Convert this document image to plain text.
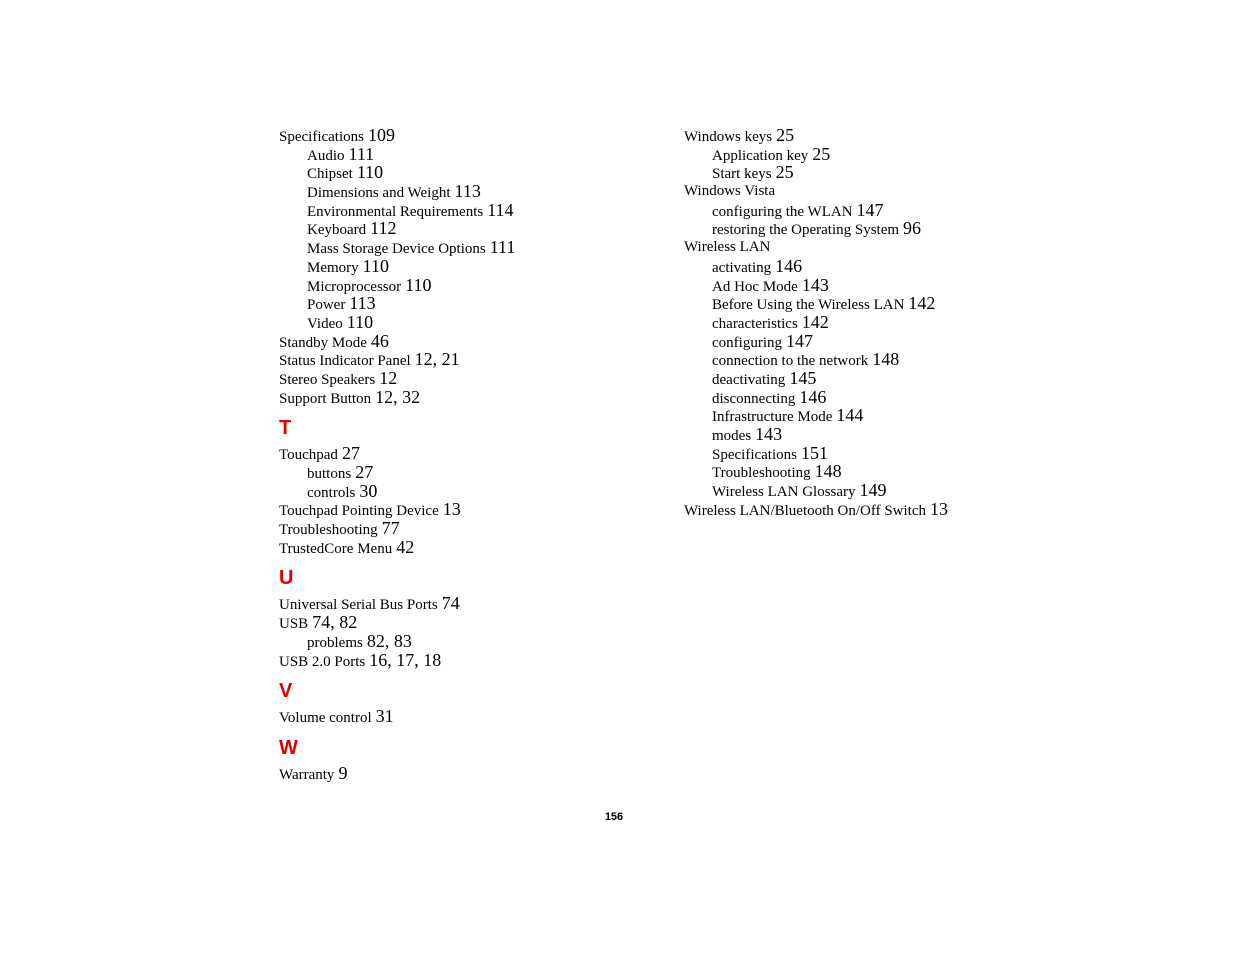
Specifications 109
Audio 111
Chipset 110
Dimensions and Weight 113
Environmental Requirements 114
Keyboard 112
Mass Storage Device Options 111
Memory 110
Microprocessor 110
Power 113
Video 110
Standby Mode 46
Status Indicator Panel 12, 21
Stereo Speakers 12
Support Button 12, 32
T
Touchpad 27
buttons 27
controls 30
Touchpad Pointing Device 13
Troubleshooting 77
TrustedCore Menu 42
U
Universal Serial Bus Ports 74
USB 74, 82
problems 82, 83
USB 2.0 Ports 16, 17, 18
V
Volume control 31
W
Warranty 9
Windows keys 25
Application key 25
Start keys 25
Windows Vista
configuring the WLAN 147
restoring the Operating System 96
Wireless LAN
activating 146
Ad Hoc Mode 143
Before Using the Wireless LAN 142
characteristics 142
configuring 147
connection to the network 148
deactivating 145
disconnecting 146
Infrastructure Mode 144
modes 143
Specifications 151
Troubleshooting 148
Wireless LAN Glossary 149
Wireless LAN/Bluetooth On/Off Switch 13
156
